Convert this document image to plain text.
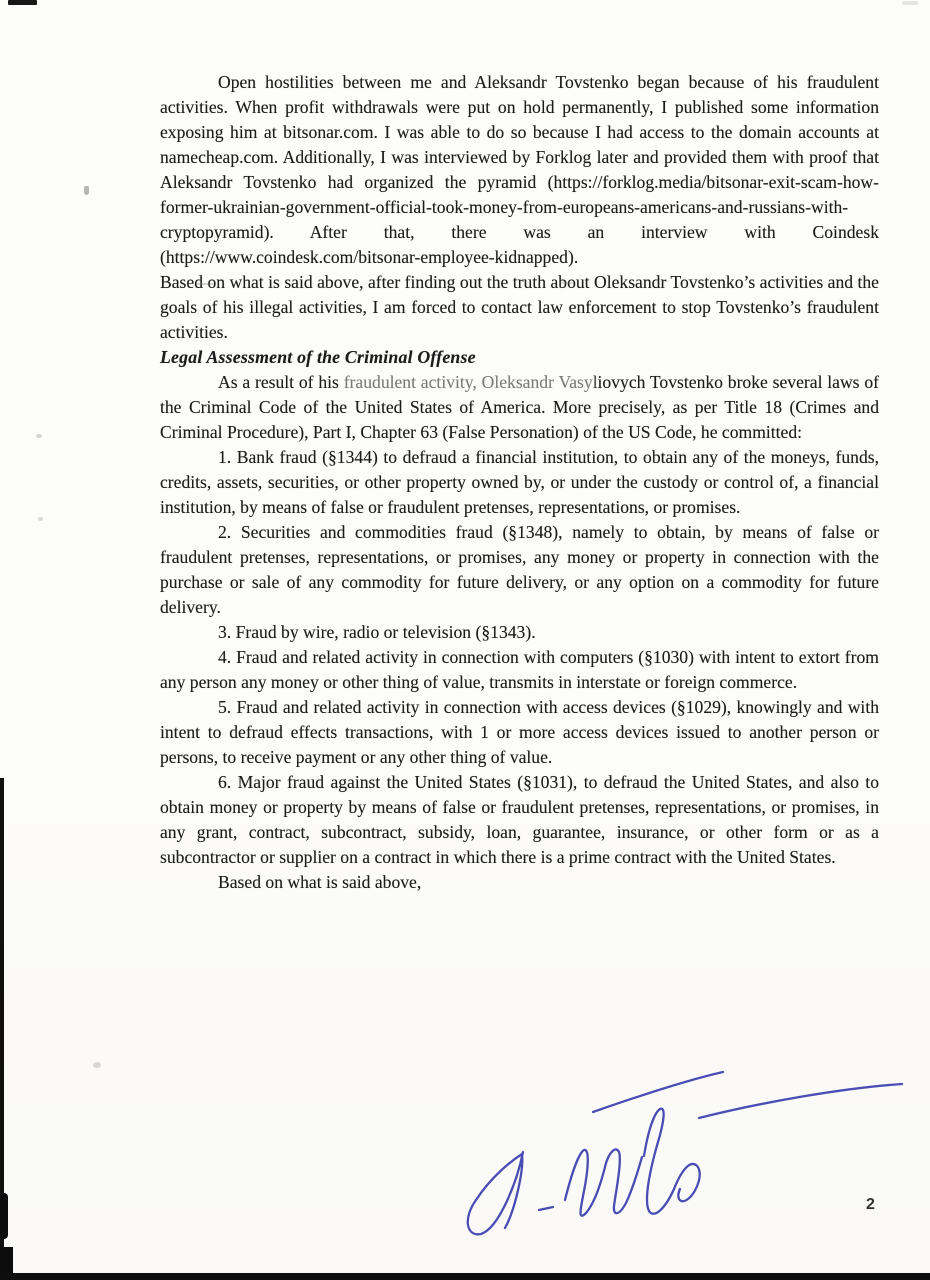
Open hostilities between me and Aleksandr Tovstenko began because of his fraudulent activities. When profit withdrawals were put on hold permanently, I published some information exposing him at bitsonar.com. I was able to do so because I had access to the domain accounts at namecheap.com. Additionally, I was interviewed by Forklog later and provided them with proof that Aleksandr Tovstenko had organized the pyramid (https://forklog.media/bitsonar-exit-scam-how-former-ukrainian-government-official-took-money-from-europeans-americans-and-russians-with-cryptopyramid). After that, there was an interview with Coindesk (https://www.coindesk.com/bitsonar-employee-kidnapped).

Based on what is said above, after finding out the truth about Oleksandr Tovstenko’s activities and the goals of his illegal activities, I am forced to contact law enforcement to stop Tovstenko’s fraudulent activities.

Legal Assessment of the Criminal Offense

As a result of his fraudulent activity, Oleksandr Vasyliovych Tovstenko broke several laws of the Criminal Code of the United States of America. More precisely, as per Title 18 (Crimes and Criminal Procedure), Part I, Chapter 63 (False Personation) of the US Code, he committed:

1. Bank fraud (§1344) to defraud a financial institution, to obtain any of the moneys, funds, credits, assets, securities, or other property owned by, or under the custody or control of, a financial institution, by means of false or fraudulent pretenses, representations, or promises.

2. Securities and commodities fraud (§1348), namely to obtain, by means of false or fraudulent pretenses, representations, or promises, any money or property in connection with the purchase or sale of any commodity for future delivery, or any option on a commodity for future delivery.

3. Fraud by wire, radio or television (§1343).

4. Fraud and related activity in connection with computers (§1030) with intent to extort from any person any money or other thing of value, transmits in interstate or foreign commerce.

5. Fraud and related activity in connection with access devices (§1029), knowingly and with intent to defraud effects transactions, with 1 or more access devices issued to another person or persons, to receive payment or any other thing of value.

6. Major fraud against the United States (§1031), to defraud the United States, and also to obtain money or property by means of false or fraudulent pretenses, representations, or promises, in any grant, contract, subcontract, subsidy, loan, guarantee, insurance, or other form or as a subcontractor or supplier on a contract in which there is a prime contract with the United States.

Based on what is said above,

2
